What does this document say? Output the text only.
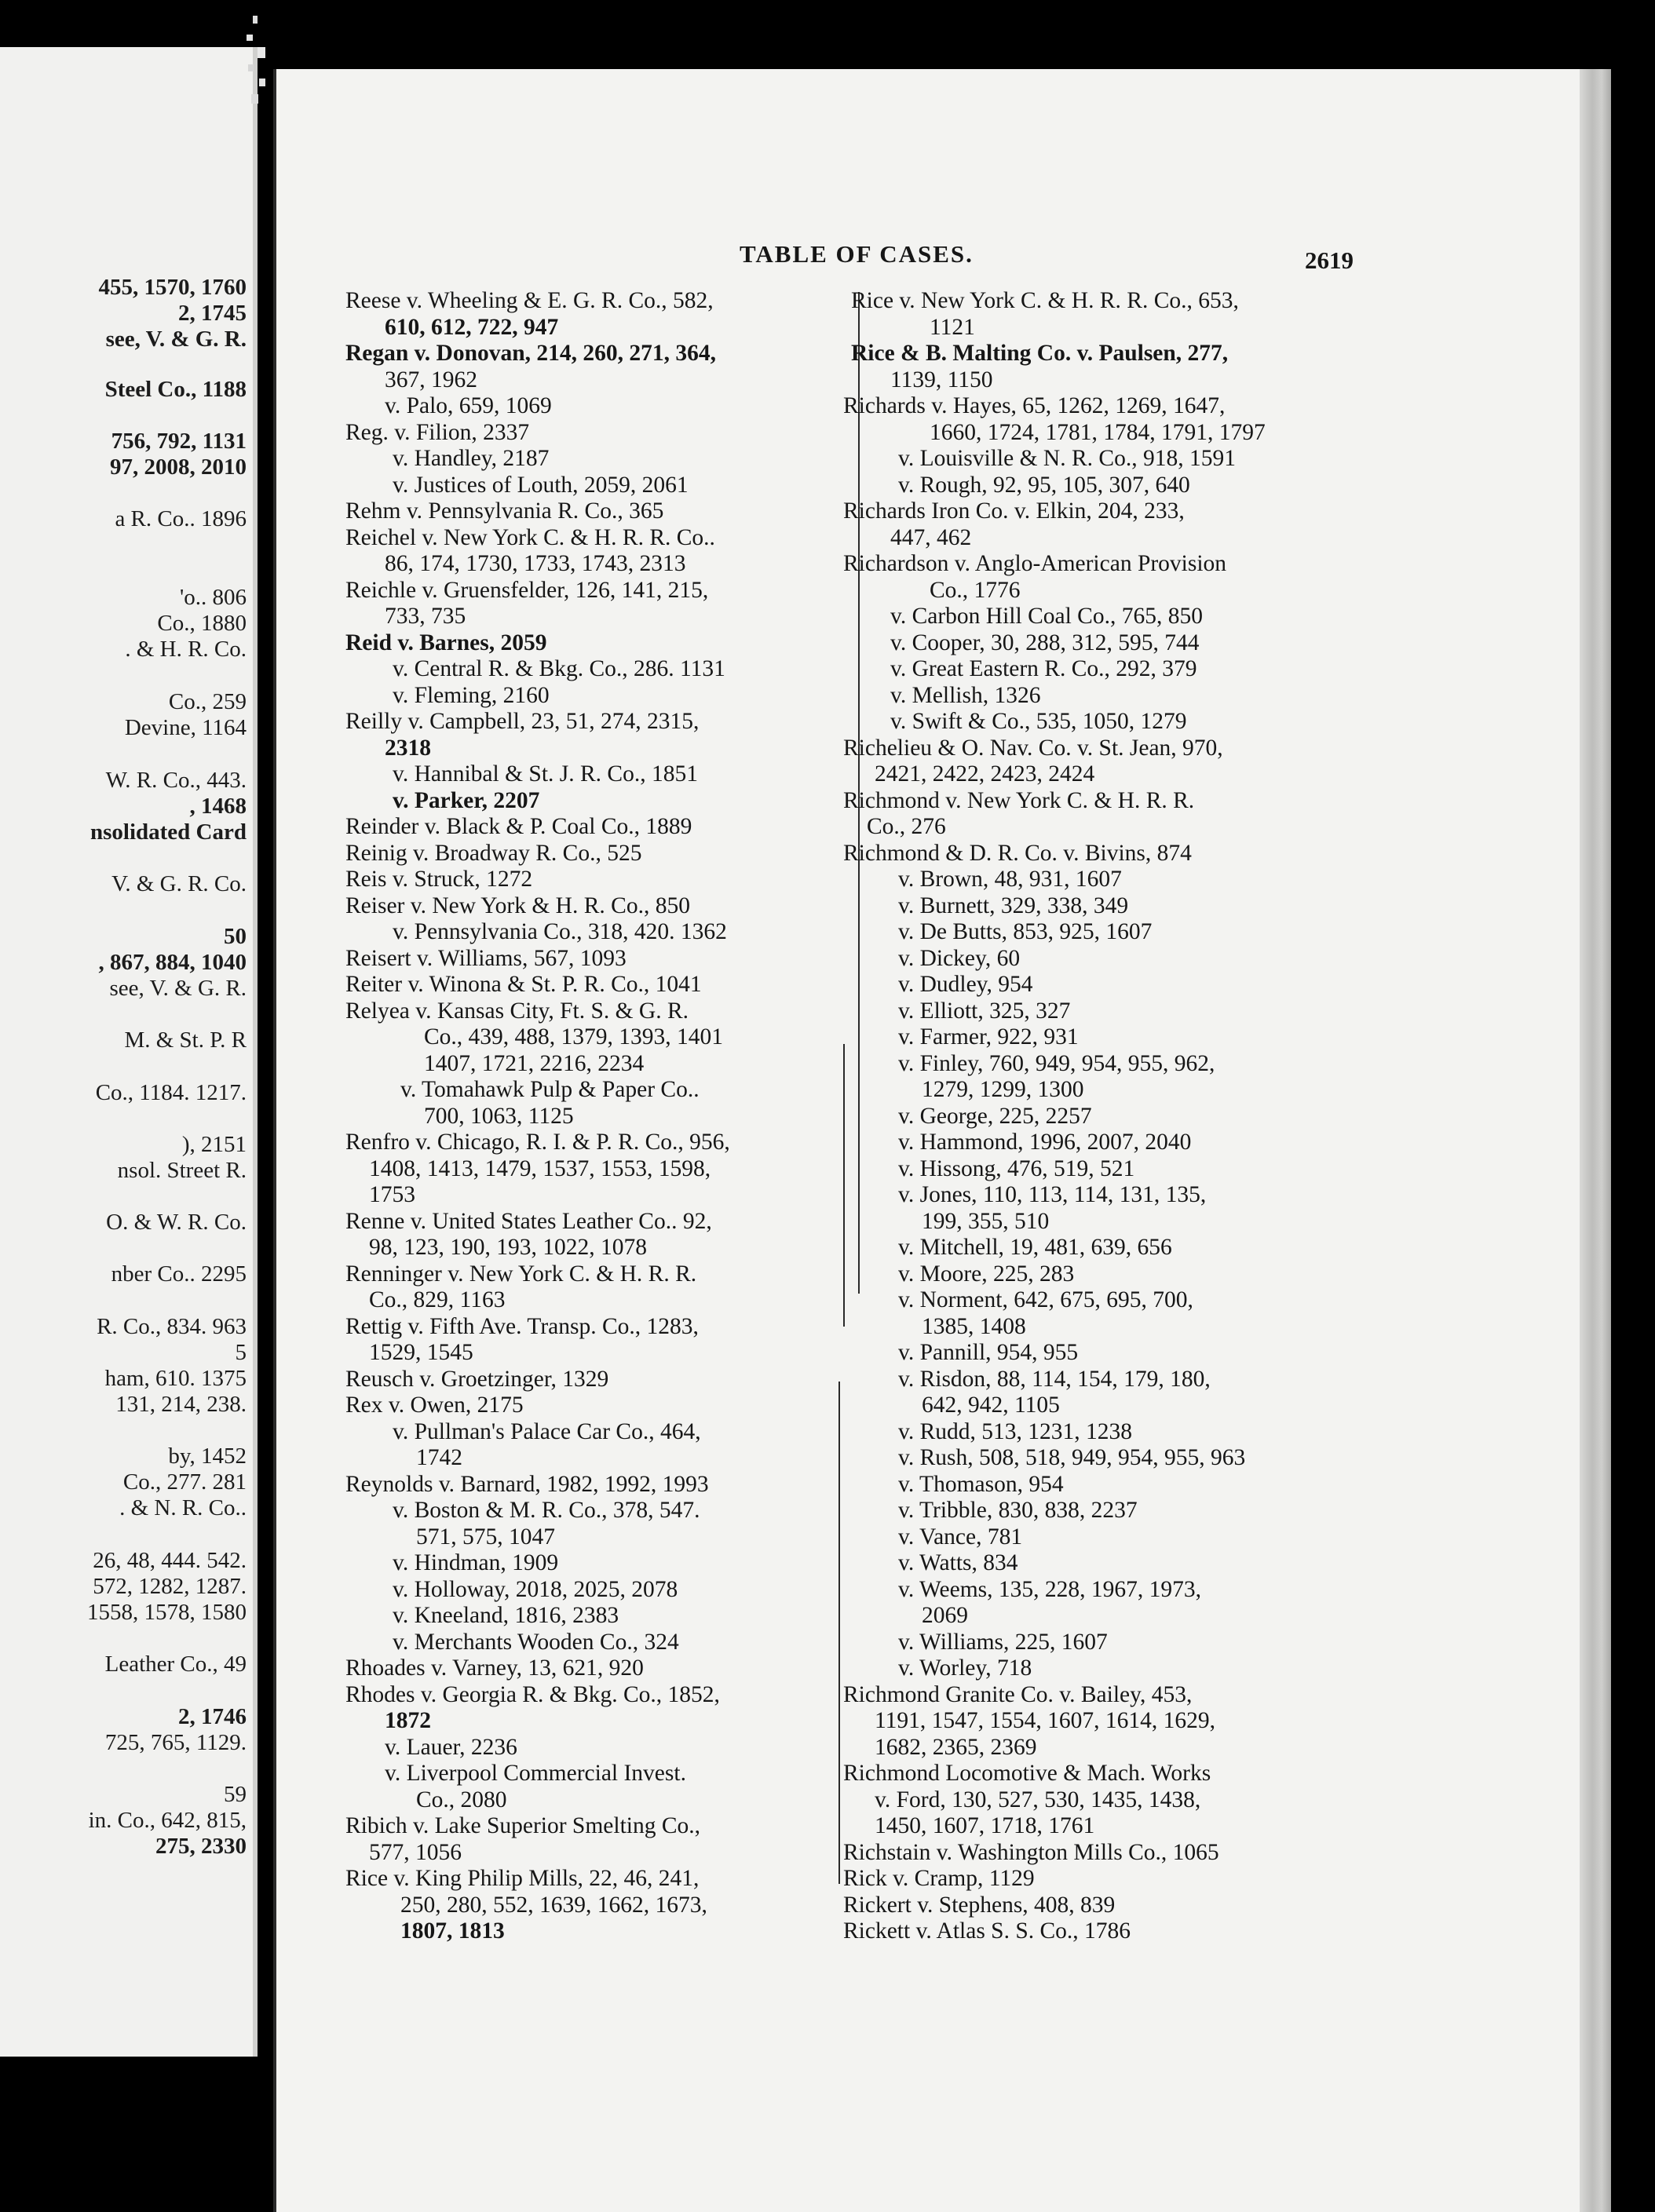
455, 1570, 1760
2, 1745
see, V. & G. R.
Steel Co., 1188
756, 792, 1131
97, 2008, 2010
a R. Co.. 1896
'o.. 806
Co., 1880
. & H. R. Co.
Co., 259
Devine, 1164
W. R. Co., 443.
, 1468
nsolidated Card
V. & G. R. Co.
50
, 867, 884, 1040
see, V. & G. R.
M. & St. P. R
Co., 1184. 1217.
), 2151
nsol. Street R.
O. & W. R. Co.
nber Co.. 2295
R. Co., 834. 963
5
ham, 610. 1375
131, 214, 238.
by, 1452
Co., 277. 281
. & N. R. Co..
26, 48, 444. 542.
572, 1282, 1287.
1558, 1578, 1580
Leather Co., 49
2, 1746
725, 765, 1129.
59
in. Co., 642, 815,
275, 2330
TABLE OF CASES.	2619
Reese v. Wheeling & E. G. R. Co., 582,
610, 612, 722, 947
Regan v. Donovan, 214, 260, 271, 364,
367, 1962
v. Palo, 659, 1069
Reg. v. Filion, 2337
v. Handley, 2187
v. Justices of Louth, 2059, 2061
Rehm v. Pennsylvania R. Co., 365
Reichel v. New York C. & H. R. R. Co..
86, 174, 1730, 1733, 1743, 2313
Reichle v. Gruensfelder, 126, 141, 215,
733, 735
Reid v. Barnes, 2059
v. Central R. & Bkg. Co., 286. 1131
v. Fleming, 2160
Reilly v. Campbell, 23, 51, 274, 2315,
2318
v. Hannibal & St. J. R. Co., 1851
v. Parker, 2207
Reinder v. Black & P. Coal Co., 1889
Reinig v. Broadway R. Co., 525
Reis v. Struck, 1272
Reiser v. New York & H. R. Co., 850
v. Pennsylvania Co., 318, 420. 1362
Reisert v. Williams, 567, 1093
Reiter v. Winona & St. P. R. Co., 1041
Relyea v. Kansas City, Ft. S. & G. R.
Co., 439, 488, 1379, 1393, 1401
1407, 1721, 2216, 2234
v. Tomahawk Pulp & Paper Co..
700, 1063, 1125
Renfro v. Chicago, R. I. & P. R. Co., 956,
1408, 1413, 1479, 1537, 1553, 1598,
1753
Renne v. United States Leather Co.. 92,
98, 123, 190, 193, 1022, 1078
Renninger v. New York C. & H. R. R.
Co., 829, 1163
Rettig v. Fifth Ave. Transp. Co., 1283,
1529, 1545
Reusch v. Groetzinger, 1329
Rex v. Owen, 2175
v. Pullman's Palace Car Co., 464,
1742
Reynolds v. Barnard, 1982, 1992, 1993
v. Boston & M. R. Co., 378, 547.
571, 575, 1047
v. Hindman, 1909
v. Holloway, 2018, 2025, 2078
v. Kneeland, 1816, 2383
v. Merchants Wooden Co., 324
Rhoades v. Varney, 13, 621, 920
Rhodes v. Georgia R. & Bkg. Co., 1852,
1872
v. Lauer, 2236
v. Liverpool Commercial Invest.
Co., 2080
Ribich v. Lake Superior Smelting Co.,
577, 1056
Rice v. King Philip Mills, 22, 46, 241,
250, 280, 552, 1639, 1662, 1673,
1807, 1813
Rice v. New York C. & H. R. R. Co., 653,
1121
Rice & B. Malting Co. v. Paulsen, 277,
1139, 1150
Richards v. Hayes, 65, 1262, 1269, 1647,
1660, 1724, 1781, 1784, 1791, 1797
v. Louisville & N. R. Co., 918, 1591
v. Rough, 92, 95, 105, 307, 640
Richards Iron Co. v. Elkin, 204, 233,
447, 462
Richardson v. Anglo-American Provision
Co., 1776
v. Carbon Hill Coal Co., 765, 850
v. Cooper, 30, 288, 312, 595, 744
v. Great Eastern R. Co., 292, 379
v. Mellish, 1326
v. Swift & Co., 535, 1050, 1279
Richelieu & O. Nav. Co. v. St. Jean, 970,
2421, 2422, 2423, 2424
Richmond v. New York C. & H. R. R.
Co., 276
Richmond & D. R. Co. v. Bivins, 874
v. Brown, 48, 931, 1607
v. Burnett, 329, 338, 349
v. De Butts, 853, 925, 1607
v. Dickey, 60
v. Dudley, 954
v. Elliott, 325, 327
v. Farmer, 922, 931
v. Finley, 760, 949, 954, 955, 962,
1279, 1299, 1300
v. George, 225, 2257
v. Hammond, 1996, 2007, 2040
v. Hissong, 476, 519, 521
v. Jones, 110, 113, 114, 131, 135,
199, 355, 510
v. Mitchell, 19, 481, 639, 656
v. Moore, 225, 283
v. Norment, 642, 675, 695, 700,
1385, 1408
v. Pannill, 954, 955
v. Risdon, 88, 114, 154, 179, 180,
642, 942, 1105
v. Rudd, 513, 1231, 1238
v. Rush, 508, 518, 949, 954, 955, 963
v. Thomason, 954
v. Tribble, 830, 838, 2237
v. Vance, 781
v. Watts, 834
v. Weems, 135, 228, 1967, 1973,
2069
v. Williams, 225, 1607
v. Worley, 718
Richmond Granite Co. v. Bailey, 453,
1191, 1547, 1554, 1607, 1614, 1629,
1682, 2365, 2369
Richmond Locomotive & Mach. Works
v. Ford, 130, 527, 530, 1435, 1438,
1450, 1607, 1718, 1761
Richstain v. Washington Mills Co., 1065
Rick v. Cramp, 1129
Rickert v. Stephens, 408, 839
Rickett v. Atlas S. S. Co., 1786
